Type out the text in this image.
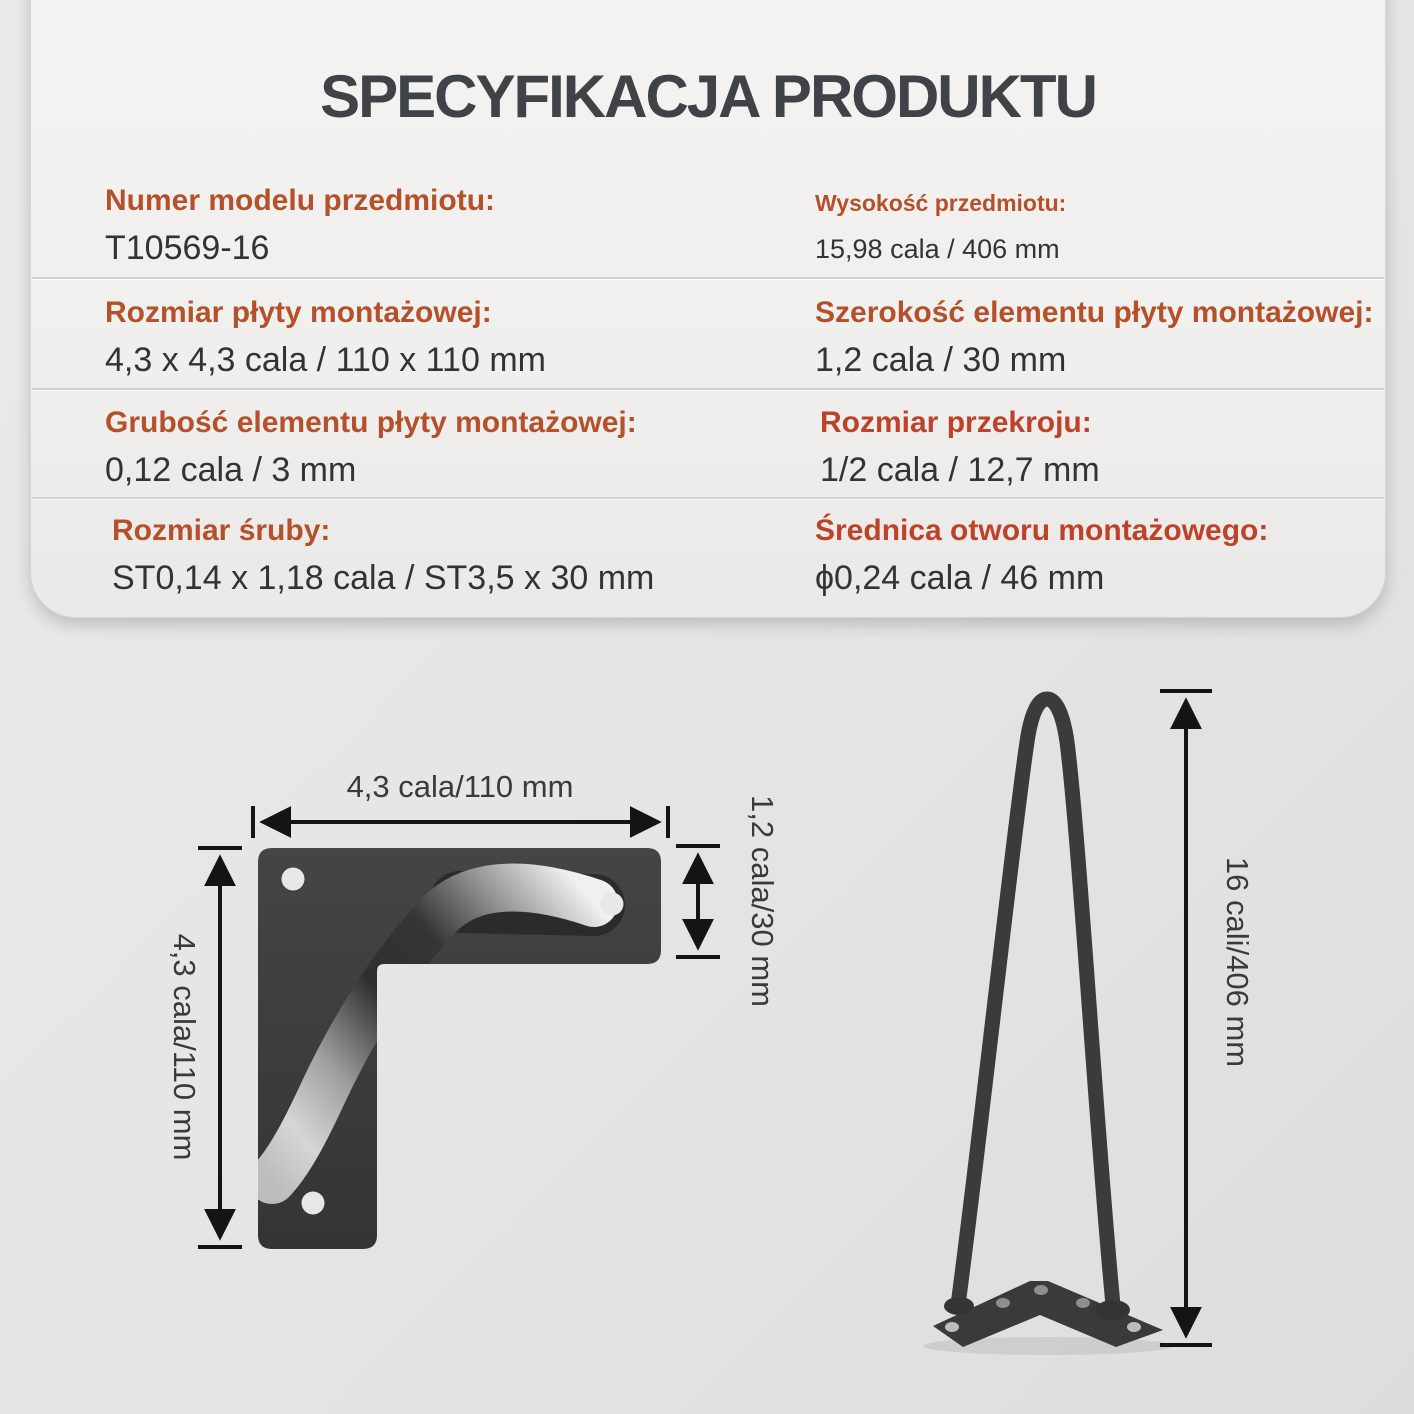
SPECYFIKACJA PRODUKTU
Numer modelu przedmiotu:
T10569-16
Wysokość przedmiotu:
15,98 cala / 406 mm
Rozmiar płyty montażowej:
4,3 x 4,3 cala / 110 x 110 mm
Szerokość elementu płyty montażowej:
1,2 cala / 30 mm
Grubość elementu płyty montażowej:
0,12 cala / 3 mm
Rozmiar przekroju:
1/2 cala / 12,7 mm
Rozmiar śruby:
ST0,14 x 1,18 cala / ST3,5 x 30 mm
Średnica otworu montażowego:
ϕ0,24 cala / 46 mm
4,3 cala/110 mm
1,2 cala/30 mm
4,3 cala/110 mm	16 cali/406 mm
